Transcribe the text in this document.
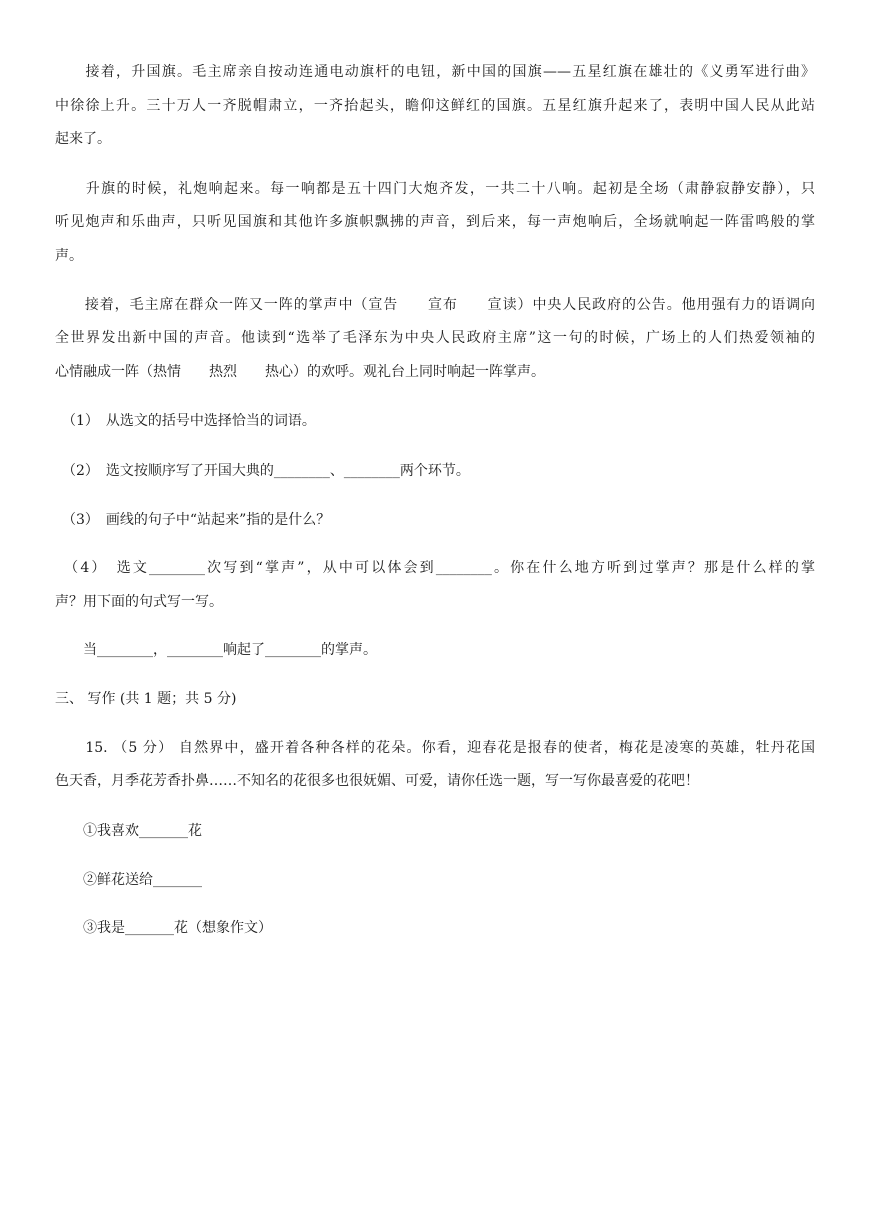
　　接着，升国旗。毛主席亲自按动连通电动旗杆的电钮，新中国的国旗——五星红旗在雄壮的《义勇军进行曲》
中徐徐上升。三十万人一齐脱帽肃立，一齐抬起头，瞻仰这鲜红的国旗。五星红旗升起来了，表明中国人民从此站
起来了。
　　升旗的时候，礼炮响起来。每一响都是五十四门大炮齐发，一共二十八响。起初是全场（肃静寂静安静），只
听见炮声和乐曲声，只听见国旗和其他许多旗帜飘拂的声音，到后来，每一声炮响后，全场就响起一阵雷鸣般的掌
声。
　　接着，毛主席在群众一阵又一阵的掌声中（宣告　　宣布　　宣读）中央人民政府的公告。他用强有力的语调向
全世界发出新中国的声音。他读到“选举了毛泽东为中央人民政府主席”这一句的时候，广场上的人们热爱领袖的
心情融成一阵（热情　　热烈　　热心）的欢呼。观礼台上同时响起一阵掌声。
　（1）　从选文的括号中选择恰当的词语。
　（2）　选文按顺序写了开国大典的________、________两个环节。
　（3）　画线的句子中“站起来”指的是什么？
　（4）　选文________次写到“掌声”，从中可以体会到________。你在什么地方听到过掌声？那是什么样的掌
声？用下面的句式写一写。
　　当________，________响起了________的掌声。
三、 写作 (共 1 题；共 5 分)
　　15. （5 分） 自然界中，盛开着各种各样的花朵。你看，迎春花是报春的使者，梅花是凌寒的英雄，牡丹花国
色天香，月季花芳香扑鼻……不知名的花很多也很妩媚、可爱，请你任选一题，写一写你最喜爱的花吧！
　　①我喜欢_______花
　　②鲜花送给_______
　　③我是_______花（想象作文）
